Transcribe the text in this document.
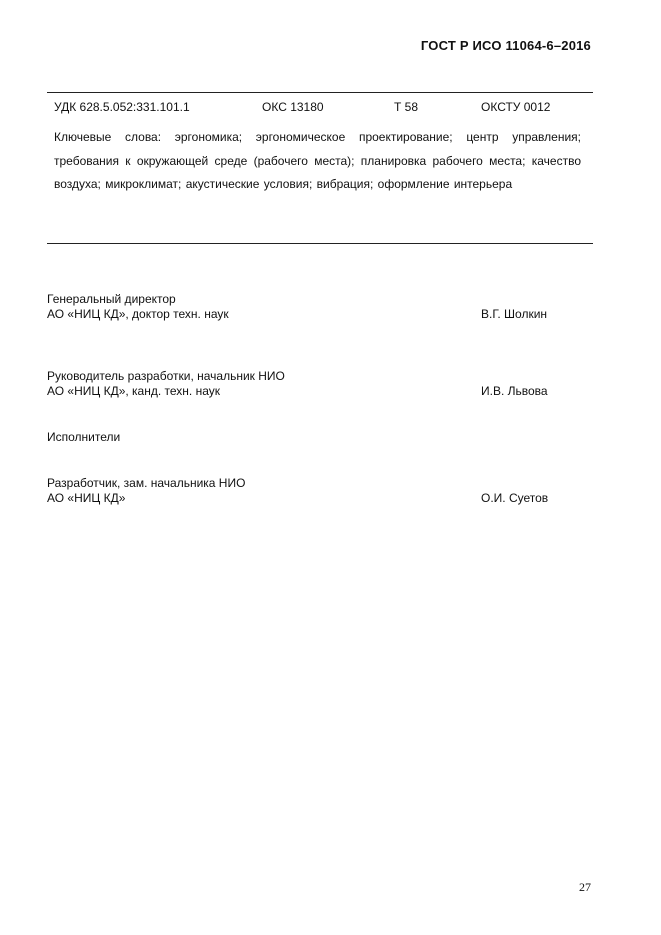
ГОСТ Р ИСО 11064-6–2016
УДК 628.5.052:331.101.1	ОКС 13180	Т 58	ОКСТУ 0012
Ключевые слова: эргономика; эргономическое проектирование; центр управления; требования к окружающей среде (рабочего места); планировка рабочего места; качество воздуха; микроклимат; акустические условия; вибрация; оформление интерьера
Генеральный директор
АО «НИЦ КД», доктор техн. наук	В.Г. Шолкин
Руководитель разработки, начальник НИО
АО «НИЦ КД», канд. техн. наук	И.В. Львова
Исполнители
Разработчик, зам. начальника НИО
АО «НИЦ КД»	О.И. Суетов
27
